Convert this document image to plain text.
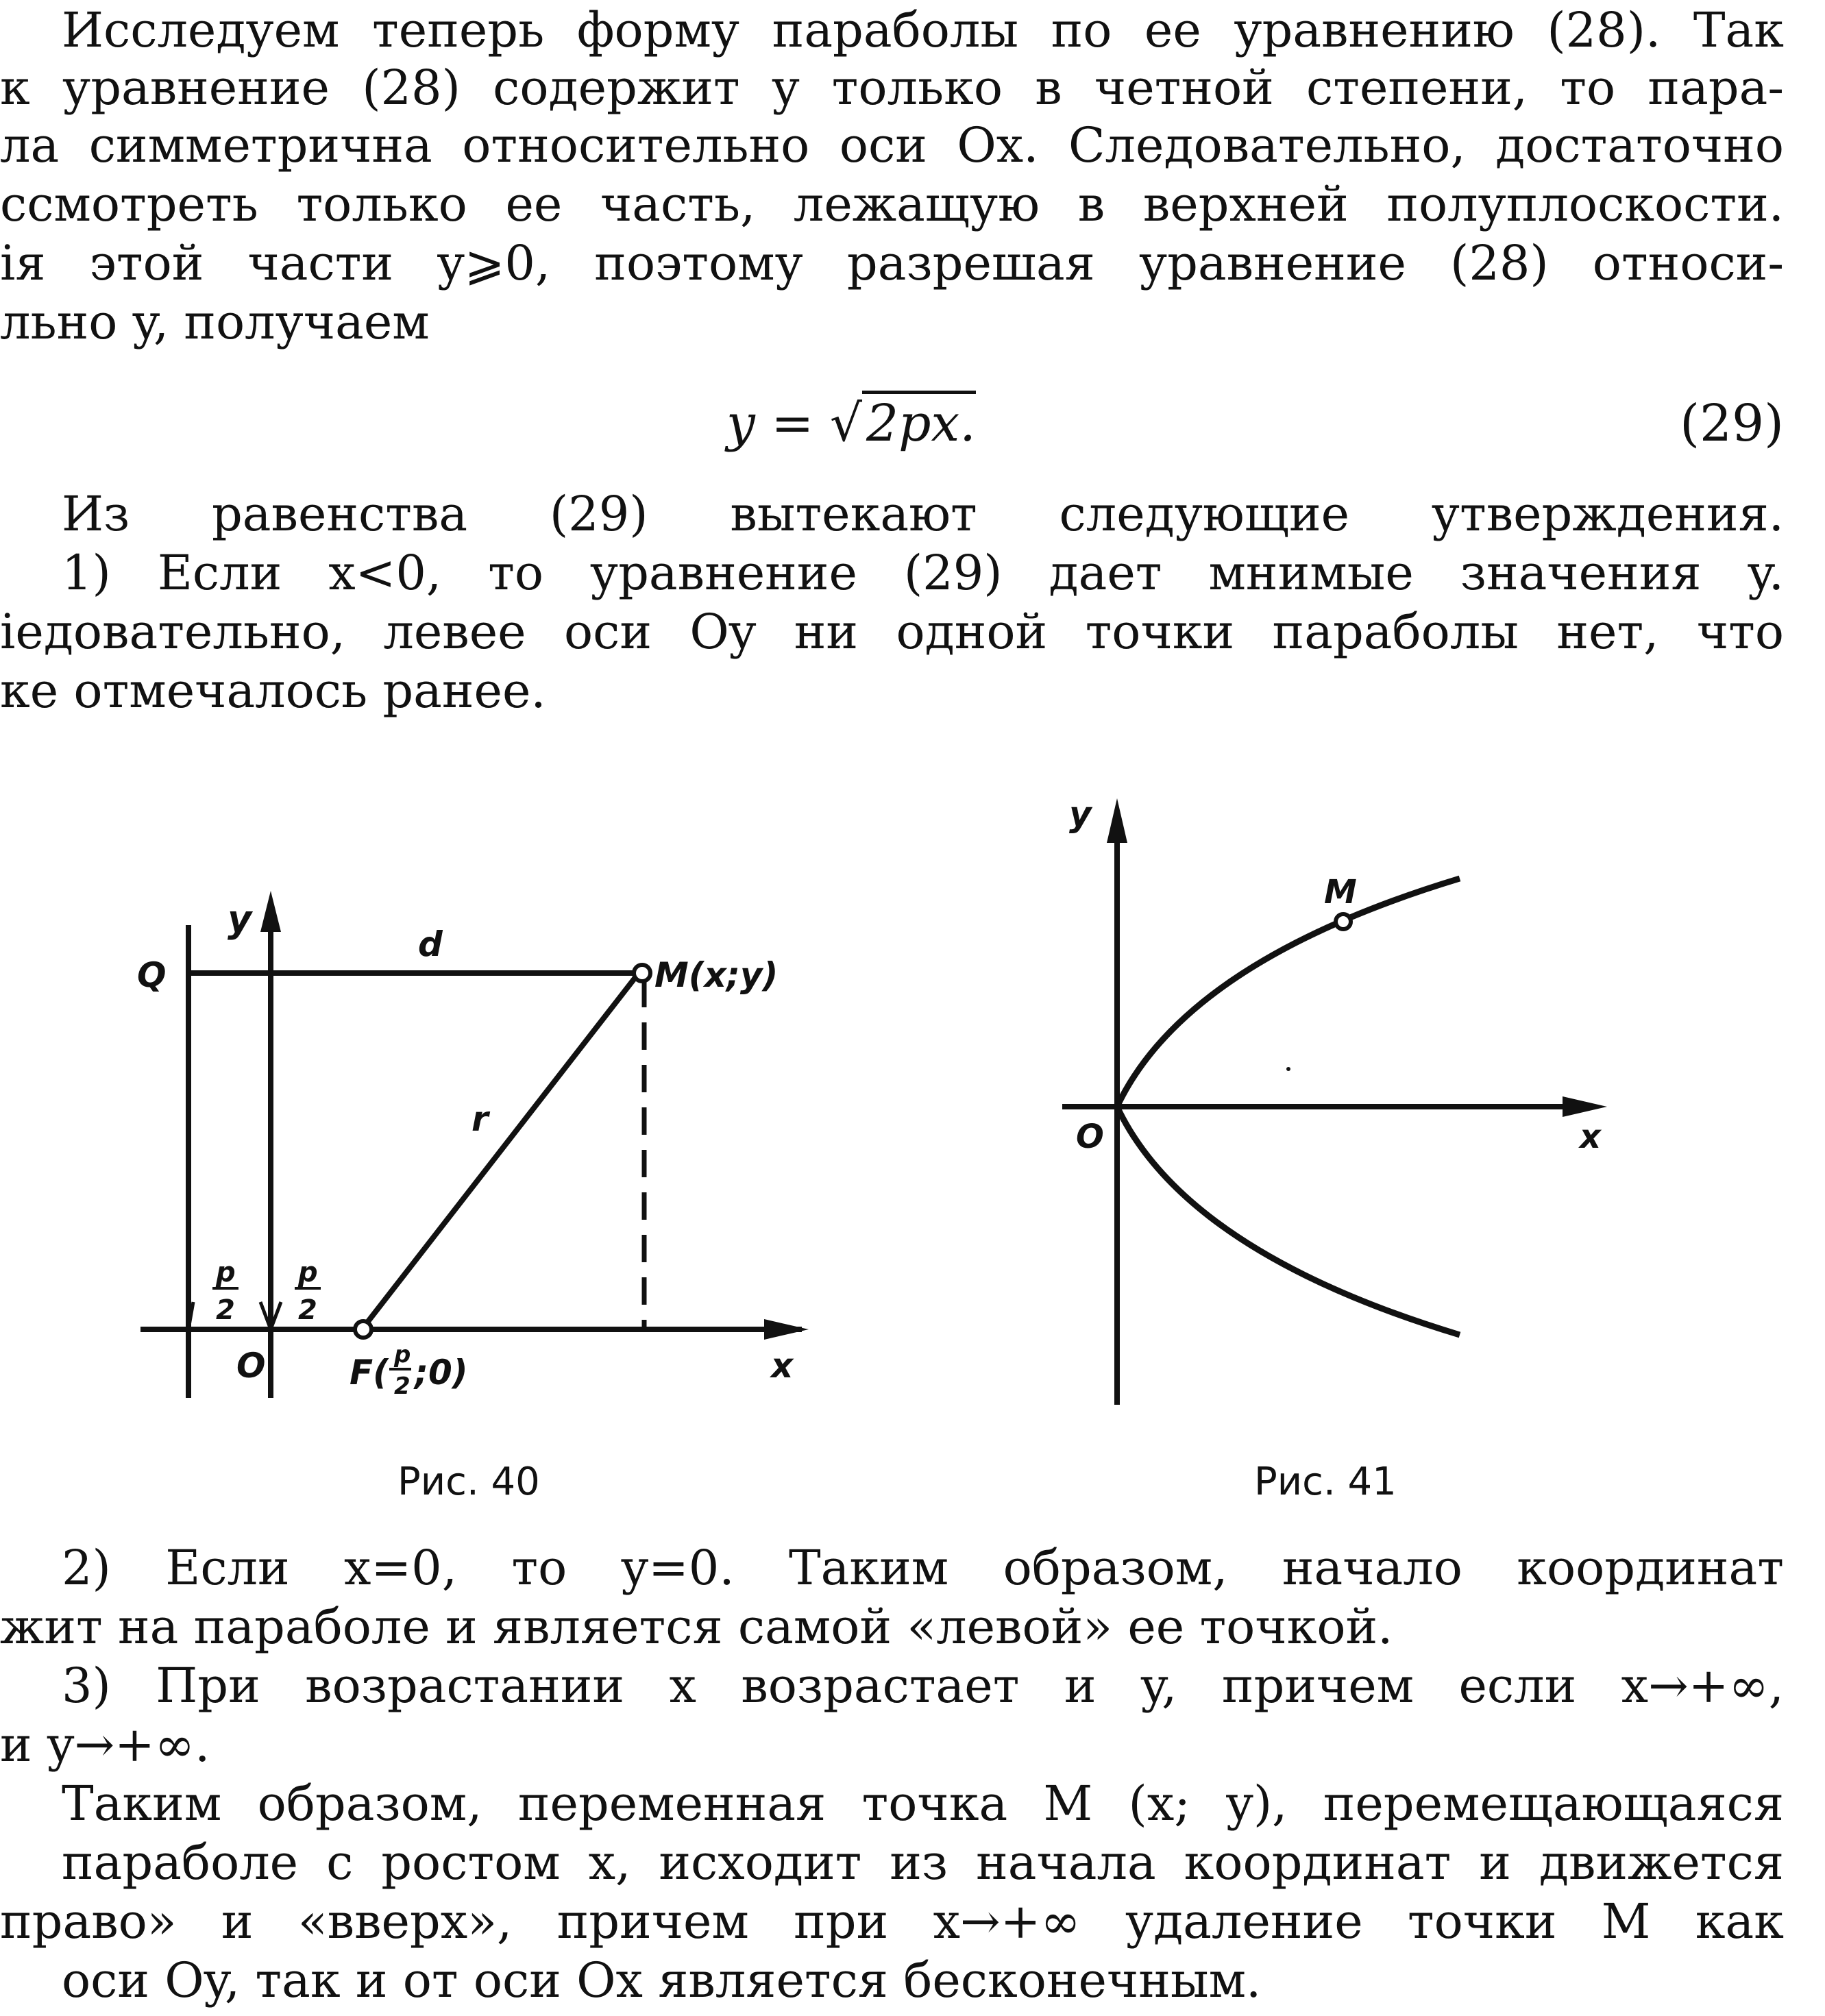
Исследуем теперь форму параболы по ее уравнению (28). Так
к уравнение (28) содержит y только в четной степени, то пара-
ла симметрична относительно оси Ox. Следовательно, достаточно
ссмотреть только ее часть, лежащую в верхней полуплоскости.
ія этой части y⩾0, поэтому разрешая уравнение (28) относи-
льно y, получаем
y = √2px.	(29)
Из равенства (29) вытекают следующие утверждения.
1) Если x<0, то уравнение (29) дает мнимые значения y.
іедовательно, левее оси Oy ни одной точки параболы нет, что
ке отмечалось ранее.
y
Q
d
M(x;y)
r
O	x
p
2
p
2
F( p
2 ;0)
Рис. 40
y
M
O	x
Рис. 41
2) Если x=0, то y=0. Таким образом, начало координат
жит на параболе и является самой «левой» ее точкой.
3) При возрастании x возрастает и y, причем если x→+∞,
и y→+∞.
Таким образом, переменная точка M (x; y), перемещающаяся
параболе с ростом x, исходит из начала координат и движется
право» и «вверх», причем при x→+∞ удаление точки M как
оси Oy, так и от оси Ox является бесконечным.
